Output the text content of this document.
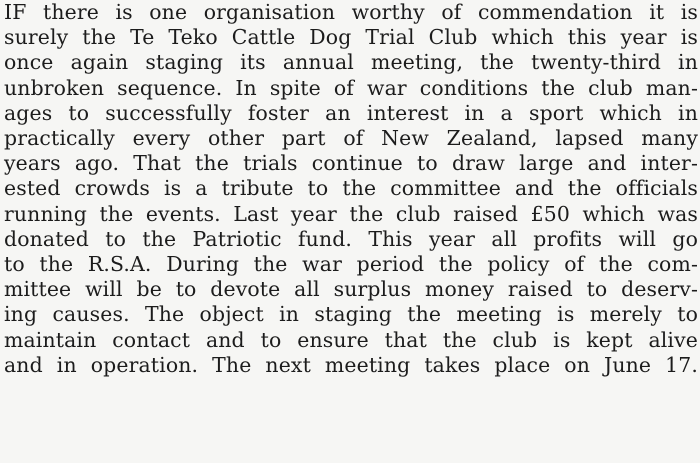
IF there is one organisation worthy of commendation it is
surely the Te Teko Cattle Dog Trial Club which this year is
once again staging its annual meeting, the twenty-third in
unbroken sequence. In spite of war conditions the club man-
ages to successfully foster an interest in a sport which in
practically every other part of New Zealand, lapsed many
years ago. That the trials continue to draw large and inter-
ested crowds is a tribute to the committee and the officials
running the events. Last year the club raised £50 which was
donated to the Patriotic fund. This year all profits will go
to the R.S.A. During the war period the policy of the com-
mittee will be to devote all surplus money raised to deserv-
ing causes. The object in staging the meeting is merely to
maintain contact and to ensure that the club is kept alive
and in operation. The next meeting takes place on June 17.
